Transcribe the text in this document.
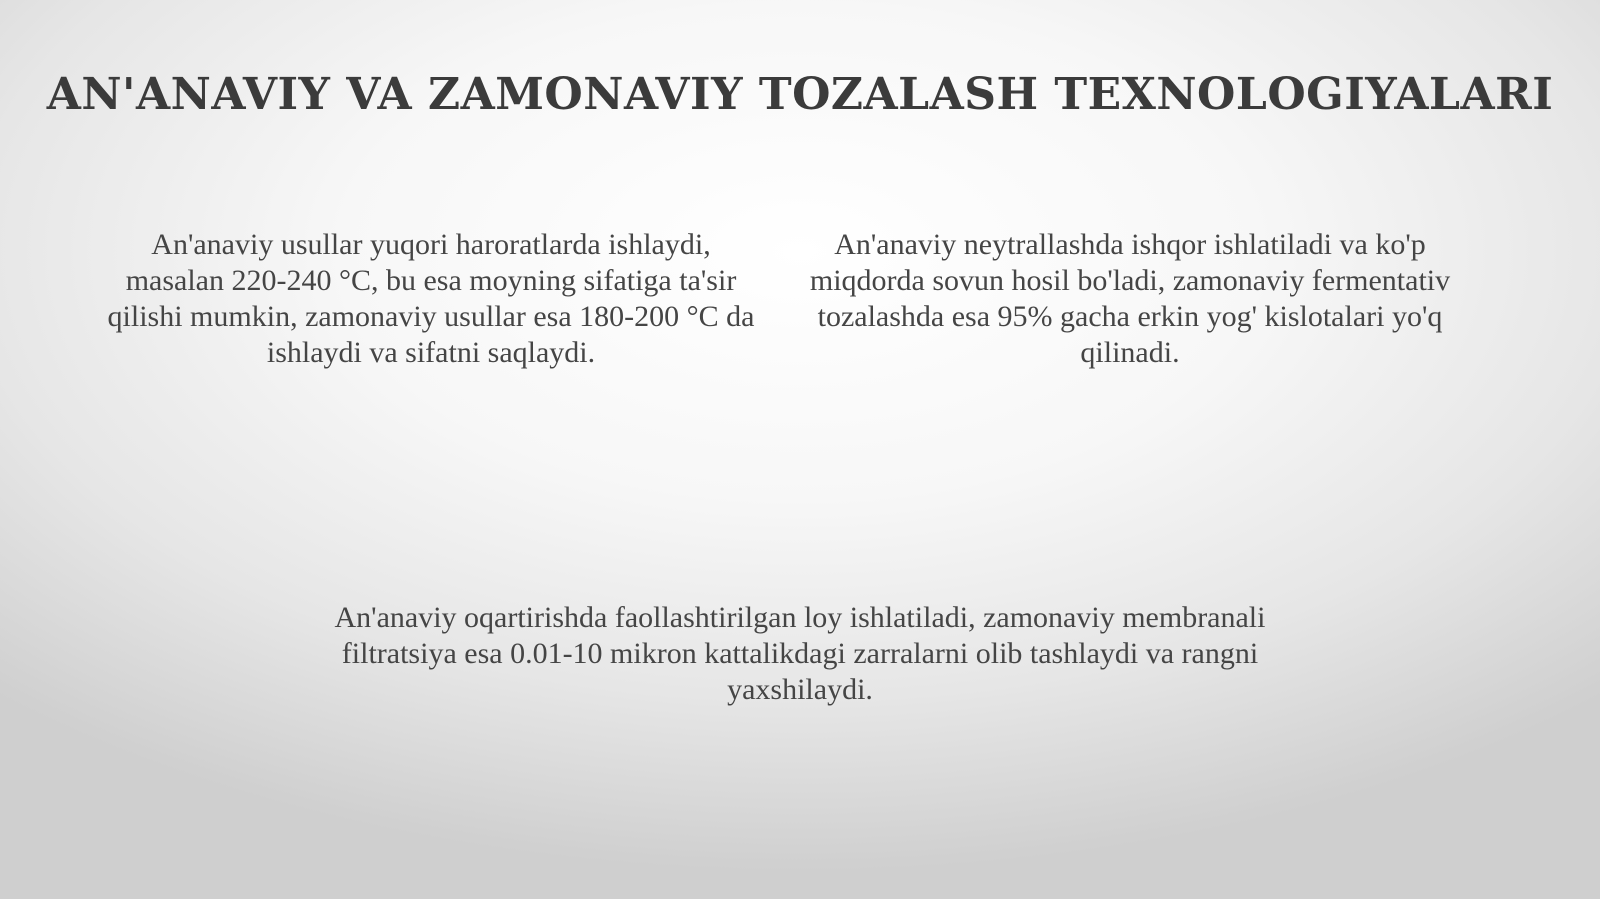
AN'ANAVIY VA ZAMONAVIY TOZALASH TEXNOLOGIYALARI

An'anaviy usullar yuqori haroratlarda ishlaydi, masalan 220-240 °C, bu esa moyning sifatiga ta'sir qilishi mumkin, zamonaviy usullar esa 180-200 °C da ishlaydi va sifatni saqlaydi.

An'anaviy neytrallashda ishqor ishlatiladi va ko'p miqdorda sovun hosil bo'ladi, zamonaviy fermentativ tozalashda esa 95% gacha erkin yog' kislotalari yo'q qilinadi.

An'anaviy oqartirishda faollashtirilgan loy ishlatiladi, zamonaviy membranali filtratsiya esa 0.01-10 mikron kattalikdagi zarralarni olib tashlaydi va rangni yaxshilaydi.
